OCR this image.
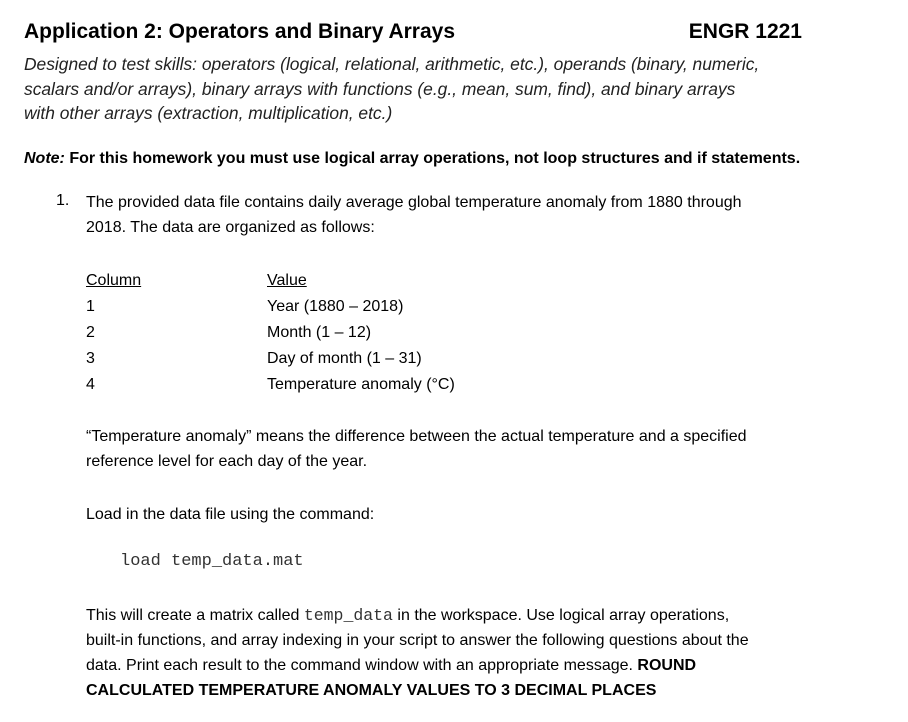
Application 2: Operators and Binary Arrays	ENGR 1221
Designed to test skills: operators (logical, relational, arithmetic, etc.), operands (binary, numeric,
scalars and/or arrays), binary arrays with functions (e.g., mean, sum, find), and binary arrays
with other arrays (extraction, multiplication, etc.)
Note: For this homework you must use logical array operations, not loop structures and if statements.
1. The provided data file contains daily average global temperature anomaly from 1880 through
2018. The data are organized as follows:
Column	Value
1	Year (1880 – 2018)
2	Month (1 – 12)
3	Day of month (1 – 31)
4	Temperature anomaly (°C)
“Temperature anomaly” means the difference between the actual temperature and a specified
reference level for each day of the year.
Load in the data file using the command:
load temp_data.mat
This will create a matrix called temp_data in the workspace. Use logical array operations,
built-in functions, and array indexing in your script to answer the following questions about the
data. Print each result to the command window with an appropriate message. ROUND
CALCULATED TEMPERATURE ANOMALY VALUES TO 3 DECIMAL PLACES
